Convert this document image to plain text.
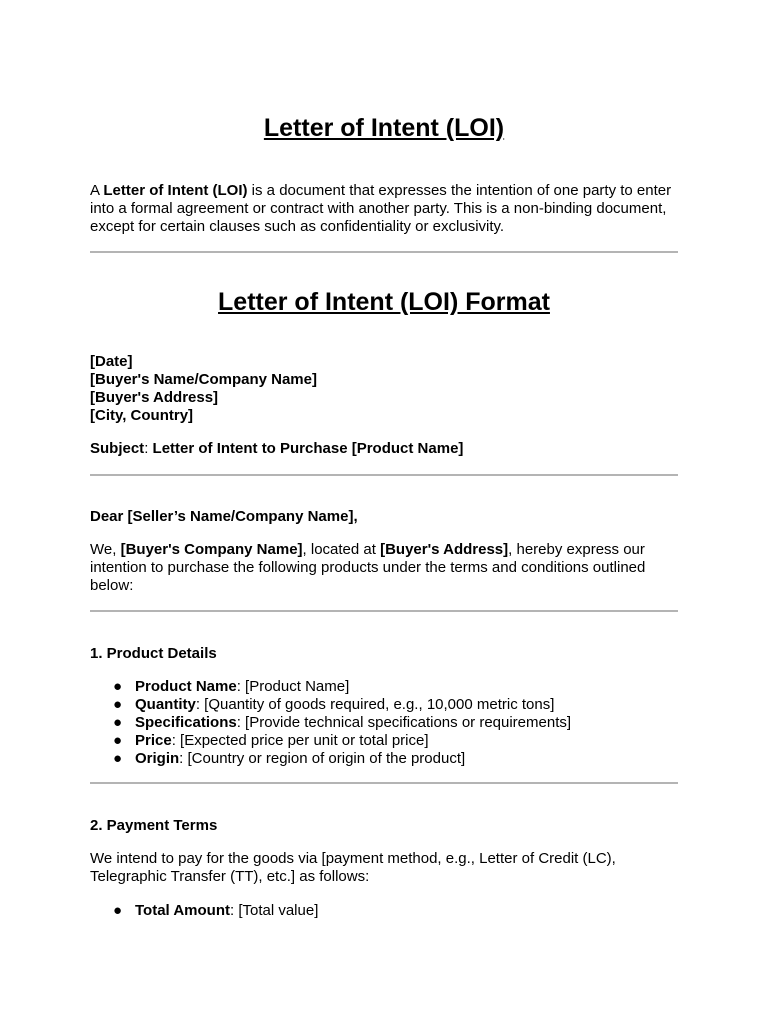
Letter of Intent (LOI)

A Letter of Intent (LOI) is a document that expresses the intention of one party to enter into a formal agreement or contract with another party. This is a non-binding document, except for certain clauses such as confidentiality or exclusivity.

Letter of Intent (LOI) Format
[Date]
[Buyer's Name/Company Name]
[Buyer's Address]
[City, Country]

Subject: Letter of Intent to Purchase [Product Name]

Dear [Seller’s Name/Company Name],

We, [Buyer's Company Name], located at [Buyer's Address], hereby express our intention to purchase the following products under the terms and conditions outlined below:

1. Product Details

● Product Name: [Product Name]
● Quantity: [Quantity of goods required, e.g., 10,000 metric tons]
● Specifications: [Provide technical specifications or requirements]
● Price: [Expected price per unit or total price]
● Origin: [Country or region of origin of the product]

2. Payment Terms

We intend to pay for the goods via [payment method, e.g., Letter of Credit (LC), Telegraphic Transfer (TT), etc.] as follows:

● Total Amount: [Total value]
